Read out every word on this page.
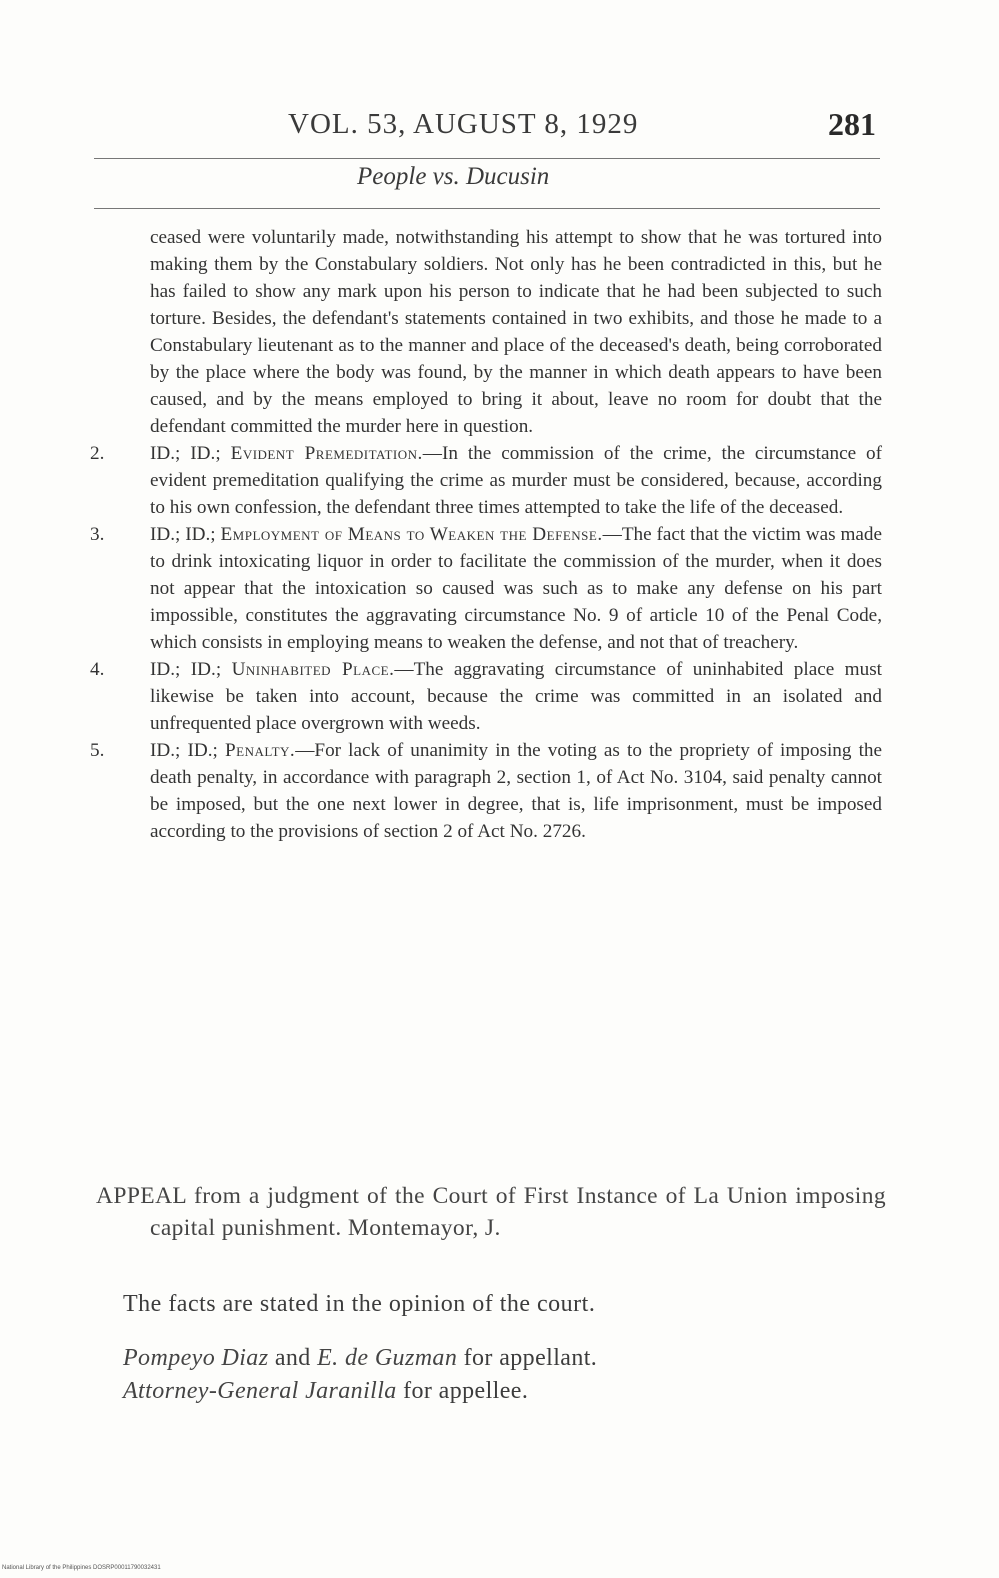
VOL. 53, AUGUST 8, 1929	281
People vs. Ducusin

ceased were voluntarily made, notwithstanding his attempt to show that he was tortured into making them by the Constabulary soldiers. Not only has he been contradicted in this, but he has failed to show any mark upon his person to indicate that he had been subjected to such torture. Besides, the defendant's statements contained in two exhibits, and those he made to a Constabulary lieutenant as to the manner and place of the deceased's death, being corroborated by the place where the body was found, by the manner in which death appears to have been caused, and by the means employed to bring it about, leave no room for doubt that the defendant committed the murder here in question.

2. ID.; ID.; Evident Premeditation.—In the commission of the crime, the circumstance of evident premeditation qualifying the crime as murder must be considered, because, according to his own confession, the defendant three times attempted to take the life of the deceased.

3. ID.; ID.; Employment of Means to Weaken the Defense.—The fact that the victim was made to drink intoxicating liquor in order to facilitate the commission of the murder, when it does not appear that the intoxication so caused was such as to make any defense on his part impossible, constitutes the aggravating circumstance No. 9 of article 10 of the Penal Code, which consists in employing means to weaken the defense, and not that of treachery.

4. ID.; ID.; Uninhabited Place.—The aggravating circumstance of uninhabited place must likewise be taken into account, because the crime was committed in an isolated and unfrequented place overgrown with weeds.

5. ID.; ID.; Penalty.—For lack of unanimity in the voting as to the propriety of imposing the death penalty, in accordance with paragraph 2, section 1, of Act No. 3104, said penalty cannot be imposed, but the one next lower in degree, that is, life imprisonment, must be imposed according to the provisions of section 2 of Act No. 2726.

APPEAL from a judgment of the Court of First Instance of La Union imposing capital punishment. Montemayor, J.

The facts are stated in the opinion of the court.
Pompeyo Diaz and E. de Guzman for appellant.
Attorney-General Jaranilla for appellee.
National Library of the Philippines DOSRP00011790032431
